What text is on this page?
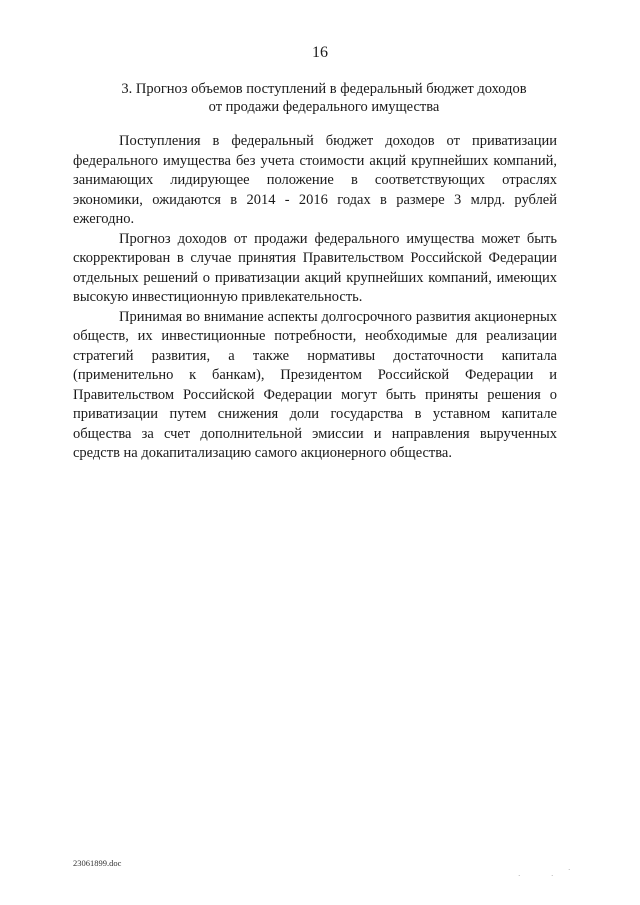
16
3. Прогноз объемов поступлений в федеральный бюджет доходов
от продажи федерального имущества

Поступления в федеральный бюджет доходов от приватизации федерального имущества без учета стоимости акций крупнейших компаний, занимающих лидирующее положение в соответствующих отраслях экономики, ожидаются в 2014 - 2016 годах в размере 3 млрд. рублей ежегодно.

Прогноз доходов от продажи федерального имущества может быть скорректирован в случае принятия Правительством Российской Федерации отдельных решений о приватизации акций крупнейших компаний, имеющих высокую инвестиционную привлекательность.

Принимая во внимание аспекты долгосрочного развития акционерных обществ, их инвестиционные потребности, необходимые для реализации стратегий развития, а также нормативы достаточности капитала (применительно к банкам), Президентом Российской Федерации и Правительством Российской Федерации могут быть приняты решения о приватизации путем снижения доли государства в уставном капитале общества за счет дополнительной эмиссии и направления вырученных средств на докапитализацию самого акционерного общества.

23061899.doc
·	·
·
